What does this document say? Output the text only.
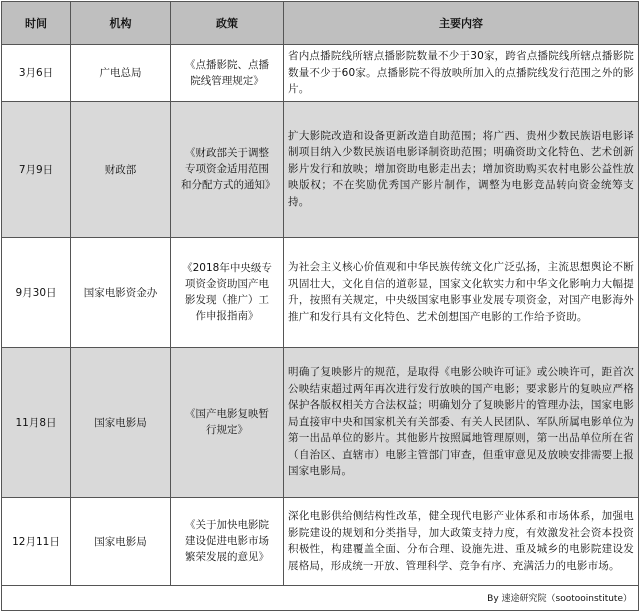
时间	机构	政策	主要内容
3月6日	广电总局	《点播影院、点播院线管理规定》	省内点播院线所辖点播影院数量不少于30家，跨省点播院线所辖点播影院数量不少于60家。点播影院不得放映所加入的点播院线发行范围之外的影片。
7月9日	财政部	《财政部关于调整专项资金适用范围和分配方式的通知》	扩大影院改造和设备更新改造自助范围；将广西、贵州少数民族语电影译制项目纳入少数民族语电影译制资助范围；明确资助文化特色、艺术创新影片发行和放映；增加资助电影走出去；增加资助购买农村电影公益性放映版权；不在奖励优秀国产影片制作，调整为电影竞品转向资金统筹支持。
9月30日	国家电影资金办	《2018年中央级专项资金资助国产电影发现（推广）工作申报指南》	为社会主义核心价值观和中华民族传统文化广泛弘扬，主流思想舆论不断巩固壮大，文化自信的道彰显，国家文化软实力和中华文化影响力大幅提升，按照有关规定，中央级国家电影事业发展专项资金，对国产电影海外推广和发行具有文化特色、艺术创想国产电影的工作给予资助。
11月8日	国家电影局	《国产电影复映暂行规定》	明确了复映影片的规范，是取得《电影公映许可证》或公映许可，距首次公映结束超过两年再次进行发行放映的国产电影；要求影片的复映应严格保护各版权相关方合法权益；明确划分了复映影片的管理办法，国家电影局直接审中央和国家机关有关部委、有关人民团队、军队所属电影单位为第一出品单位的影片。其他影片按照属地管理原则，第一出品单位所在省（自治区、直辖市）电影主管部门审查，但重审意见及放映安排需要上报国家电影局。
12月11日	国家电影局	《关于加快电影院建设促进电影市场繁荣发展的意见》	深化电影供给侧结构性改革，健全现代电影产业体系和市场体系，加强电影院建设的规划和分类指导，加大政策支持力度，有效激发社会资本投资积极性，构建覆盖全面、分布合理、设施先进、重及城乡的电影院建设发展格局，形成统一开放、管理科学、竞争有序、充满活力的电影市场。
By 速途研究院（sootooinstitute）			
